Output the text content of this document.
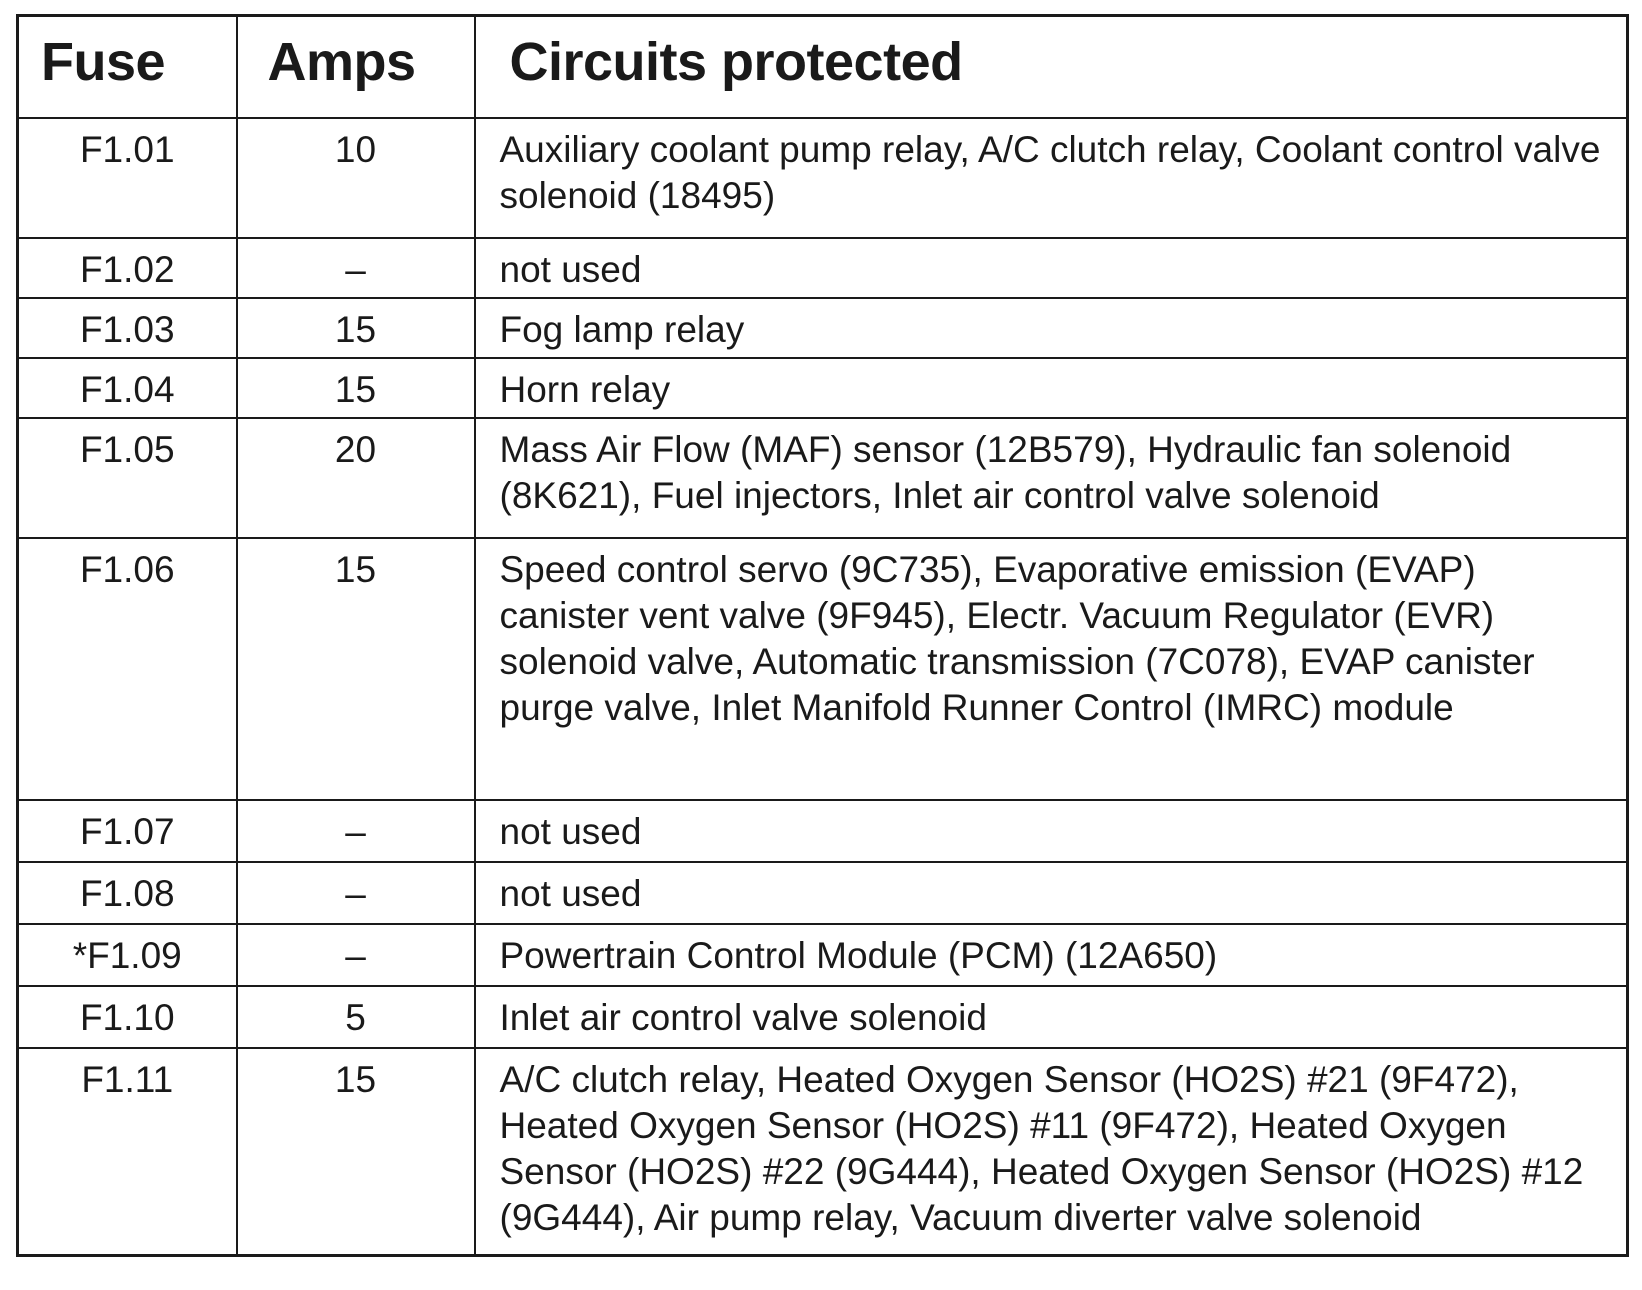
Fuse	Amps	Circuits protected
F1.01	10	Auxiliary coolant pump relay, A/C clutch relay, Coolant control valve solenoid (18495)
F1.02	–	not used
F1.03	15	Fog lamp relay
F1.04	15	Horn relay
F1.05	20	Mass Air Flow (MAF) sensor (12B579), Hydraulic fan solenoid (8K621), Fuel injectors, Inlet air control valve solenoid
F1.06	15	Speed control servo (9C735), Evaporative emission (EVAP) canister vent valve (9F945), Electr. Vacuum Regulator (EVR) solenoid valve, Automatic transmission (7C078), EVAP canister purge valve, Inlet Manifold Runner Control (IMRC) module
F1.07	–	not used
F1.08	–	not used
*F1.09	–	Powertrain Control Module (PCM) (12A650)
F1.10	5	Inlet air control valve solenoid
F1.11	15	A/C clutch relay, Heated Oxygen Sensor (HO2S) #21 (9F472), Heated Oxygen Sensor (HO2S) #11 (9F472), Heated Oxygen Sensor (HO2S) #22 (9G444), Heated Oxygen Sensor (HO2S) #12 (9G444), Air pump relay, Vacuum diverter valve solenoid
